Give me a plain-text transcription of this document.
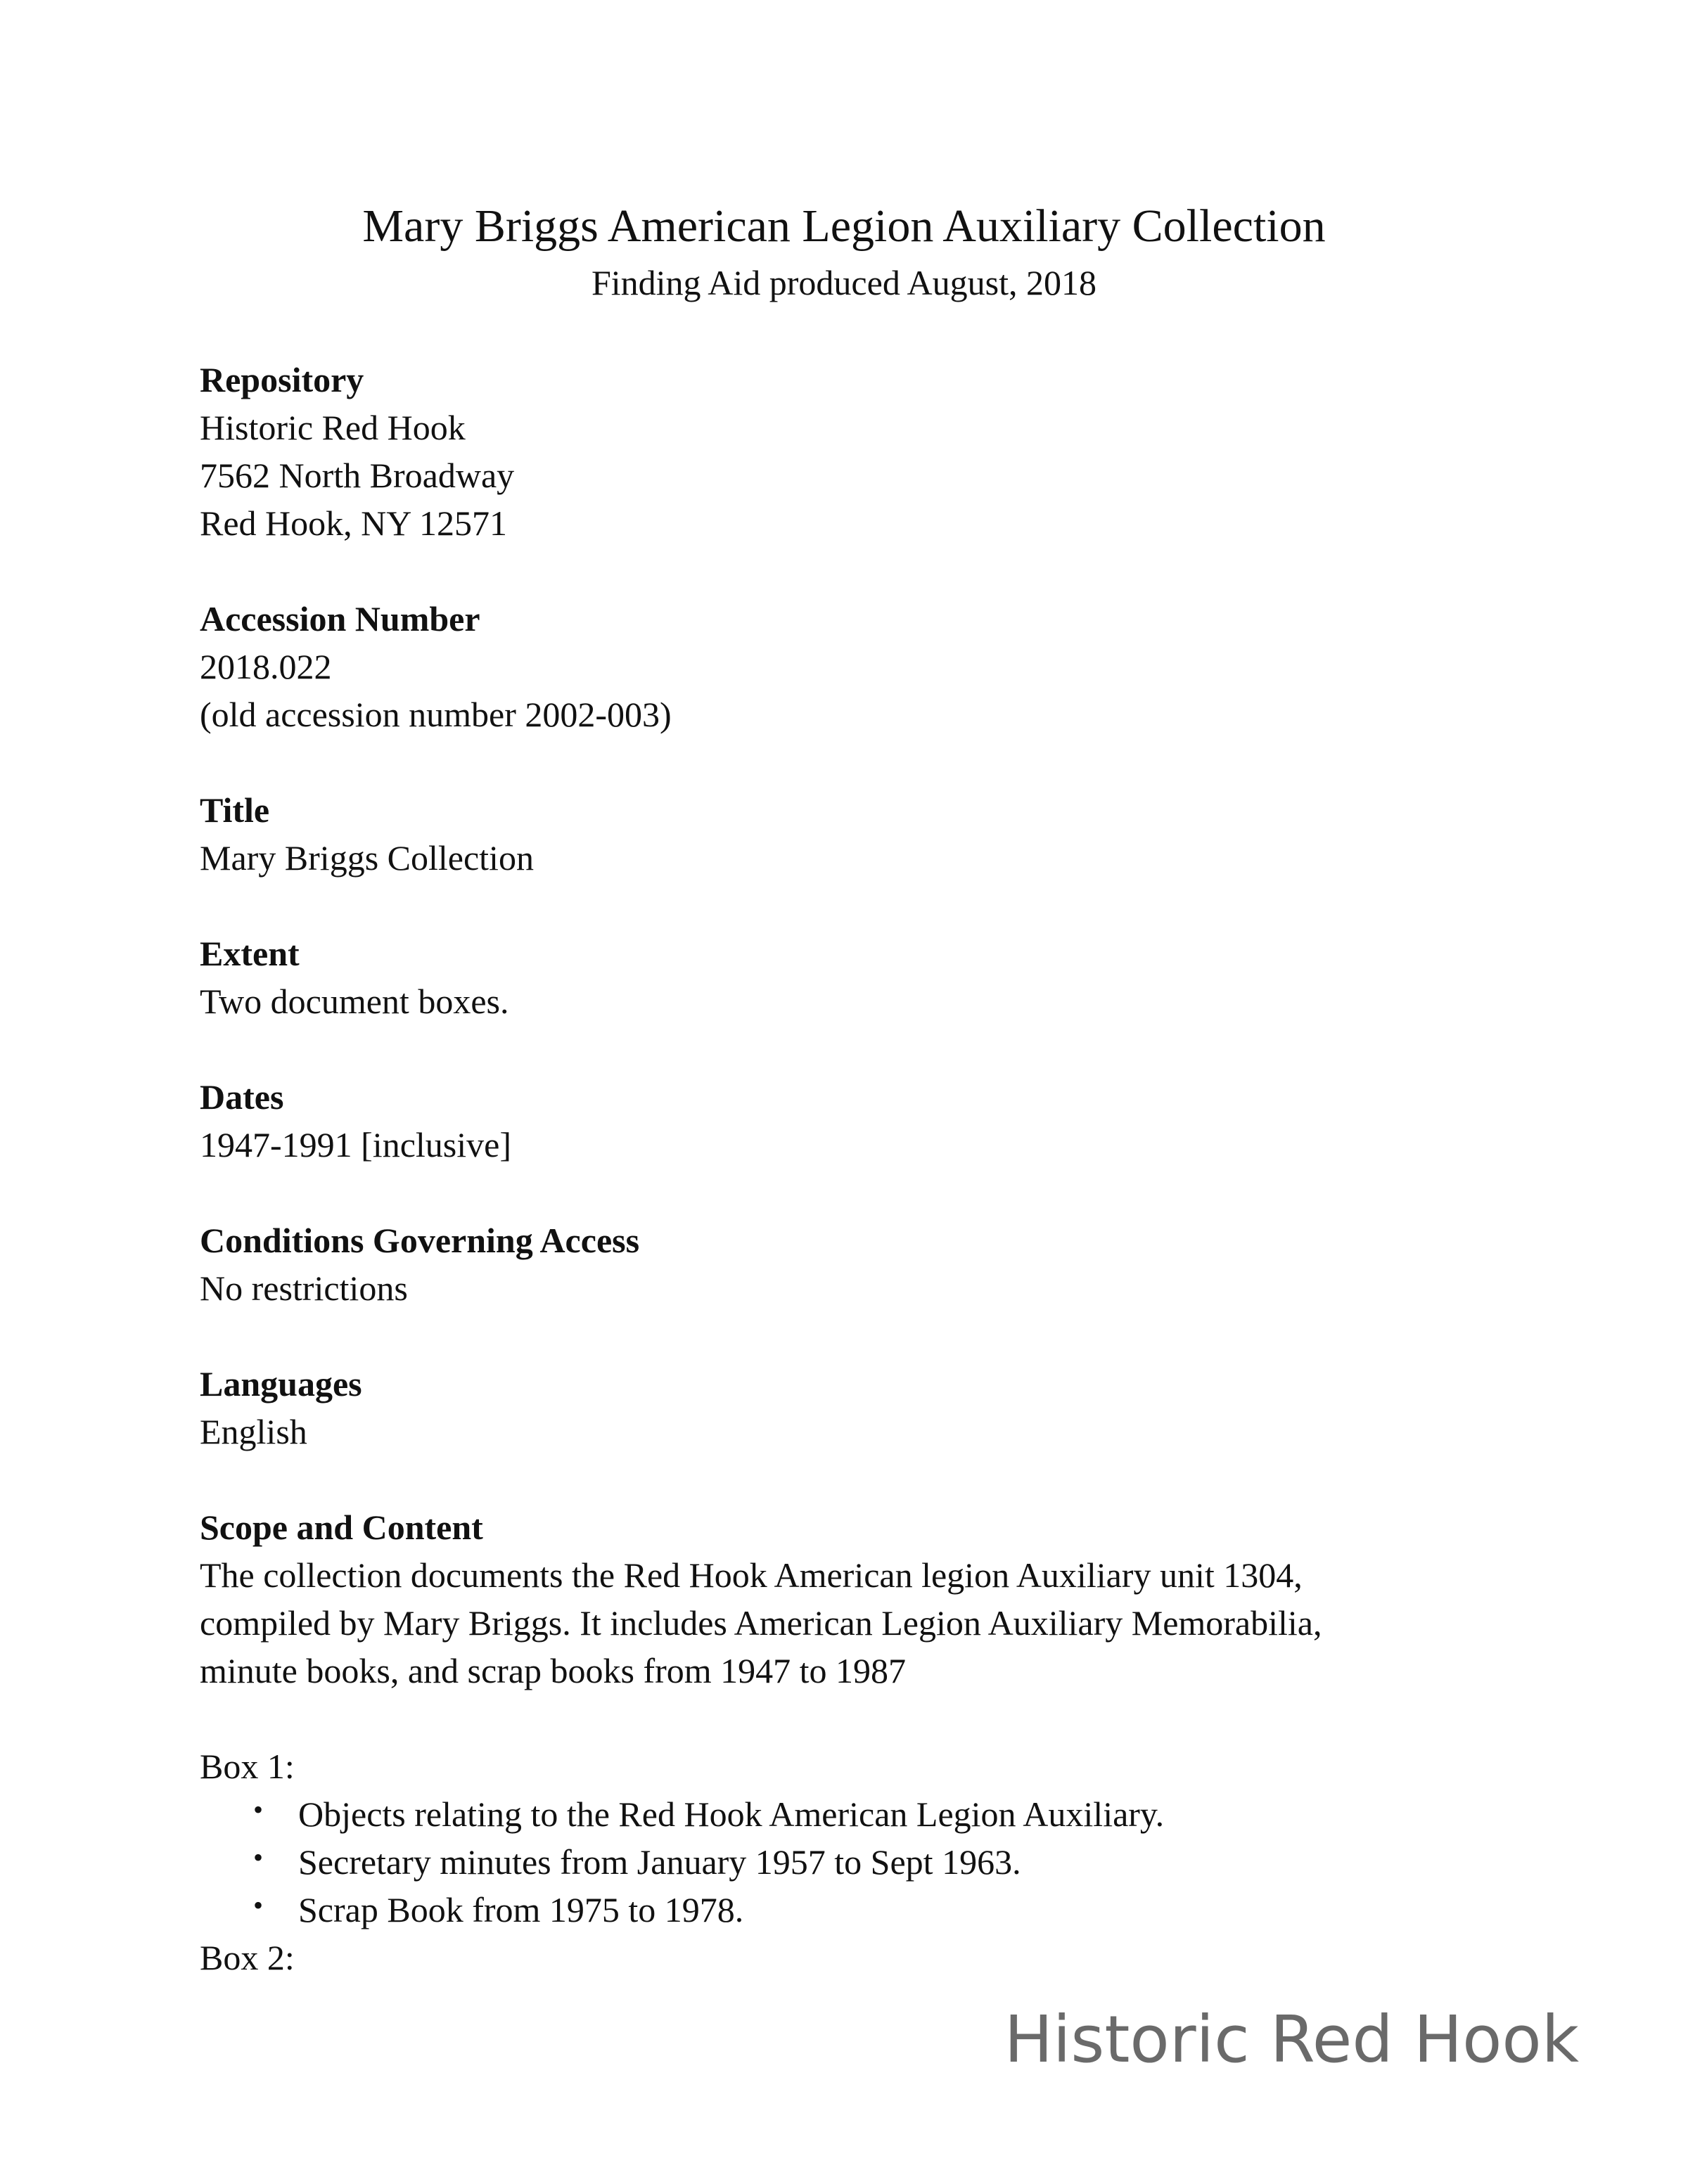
Mary Briggs American Legion Auxiliary Collection
Finding Aid produced August, 2018

Repository

Historic Red Hook

7562 North Broadway

Red Hook, NY 12571

Accession Number

2018.022

(old accession number 2002-003)

Title

Mary Briggs Collection

Extent

Two document boxes.

Dates

1947-1991 [inclusive]

Conditions Governing Access

No restrictions

Languages

English

Scope and Content

The collection documents the Red Hook American legion Auxiliary unit 1304,

compiled by Mary Briggs. It includes American Legion Auxiliary Memorabilia,

minute books, and scrap books from 1947 to 1987

Box 1:

• Objects relating to the Red Hook American Legion Auxiliary.
• Secretary minutes from January 1957 to Sept 1963.
• Scrap Book from 1975 to 1978.

Box 2:

Historic Red Hook
